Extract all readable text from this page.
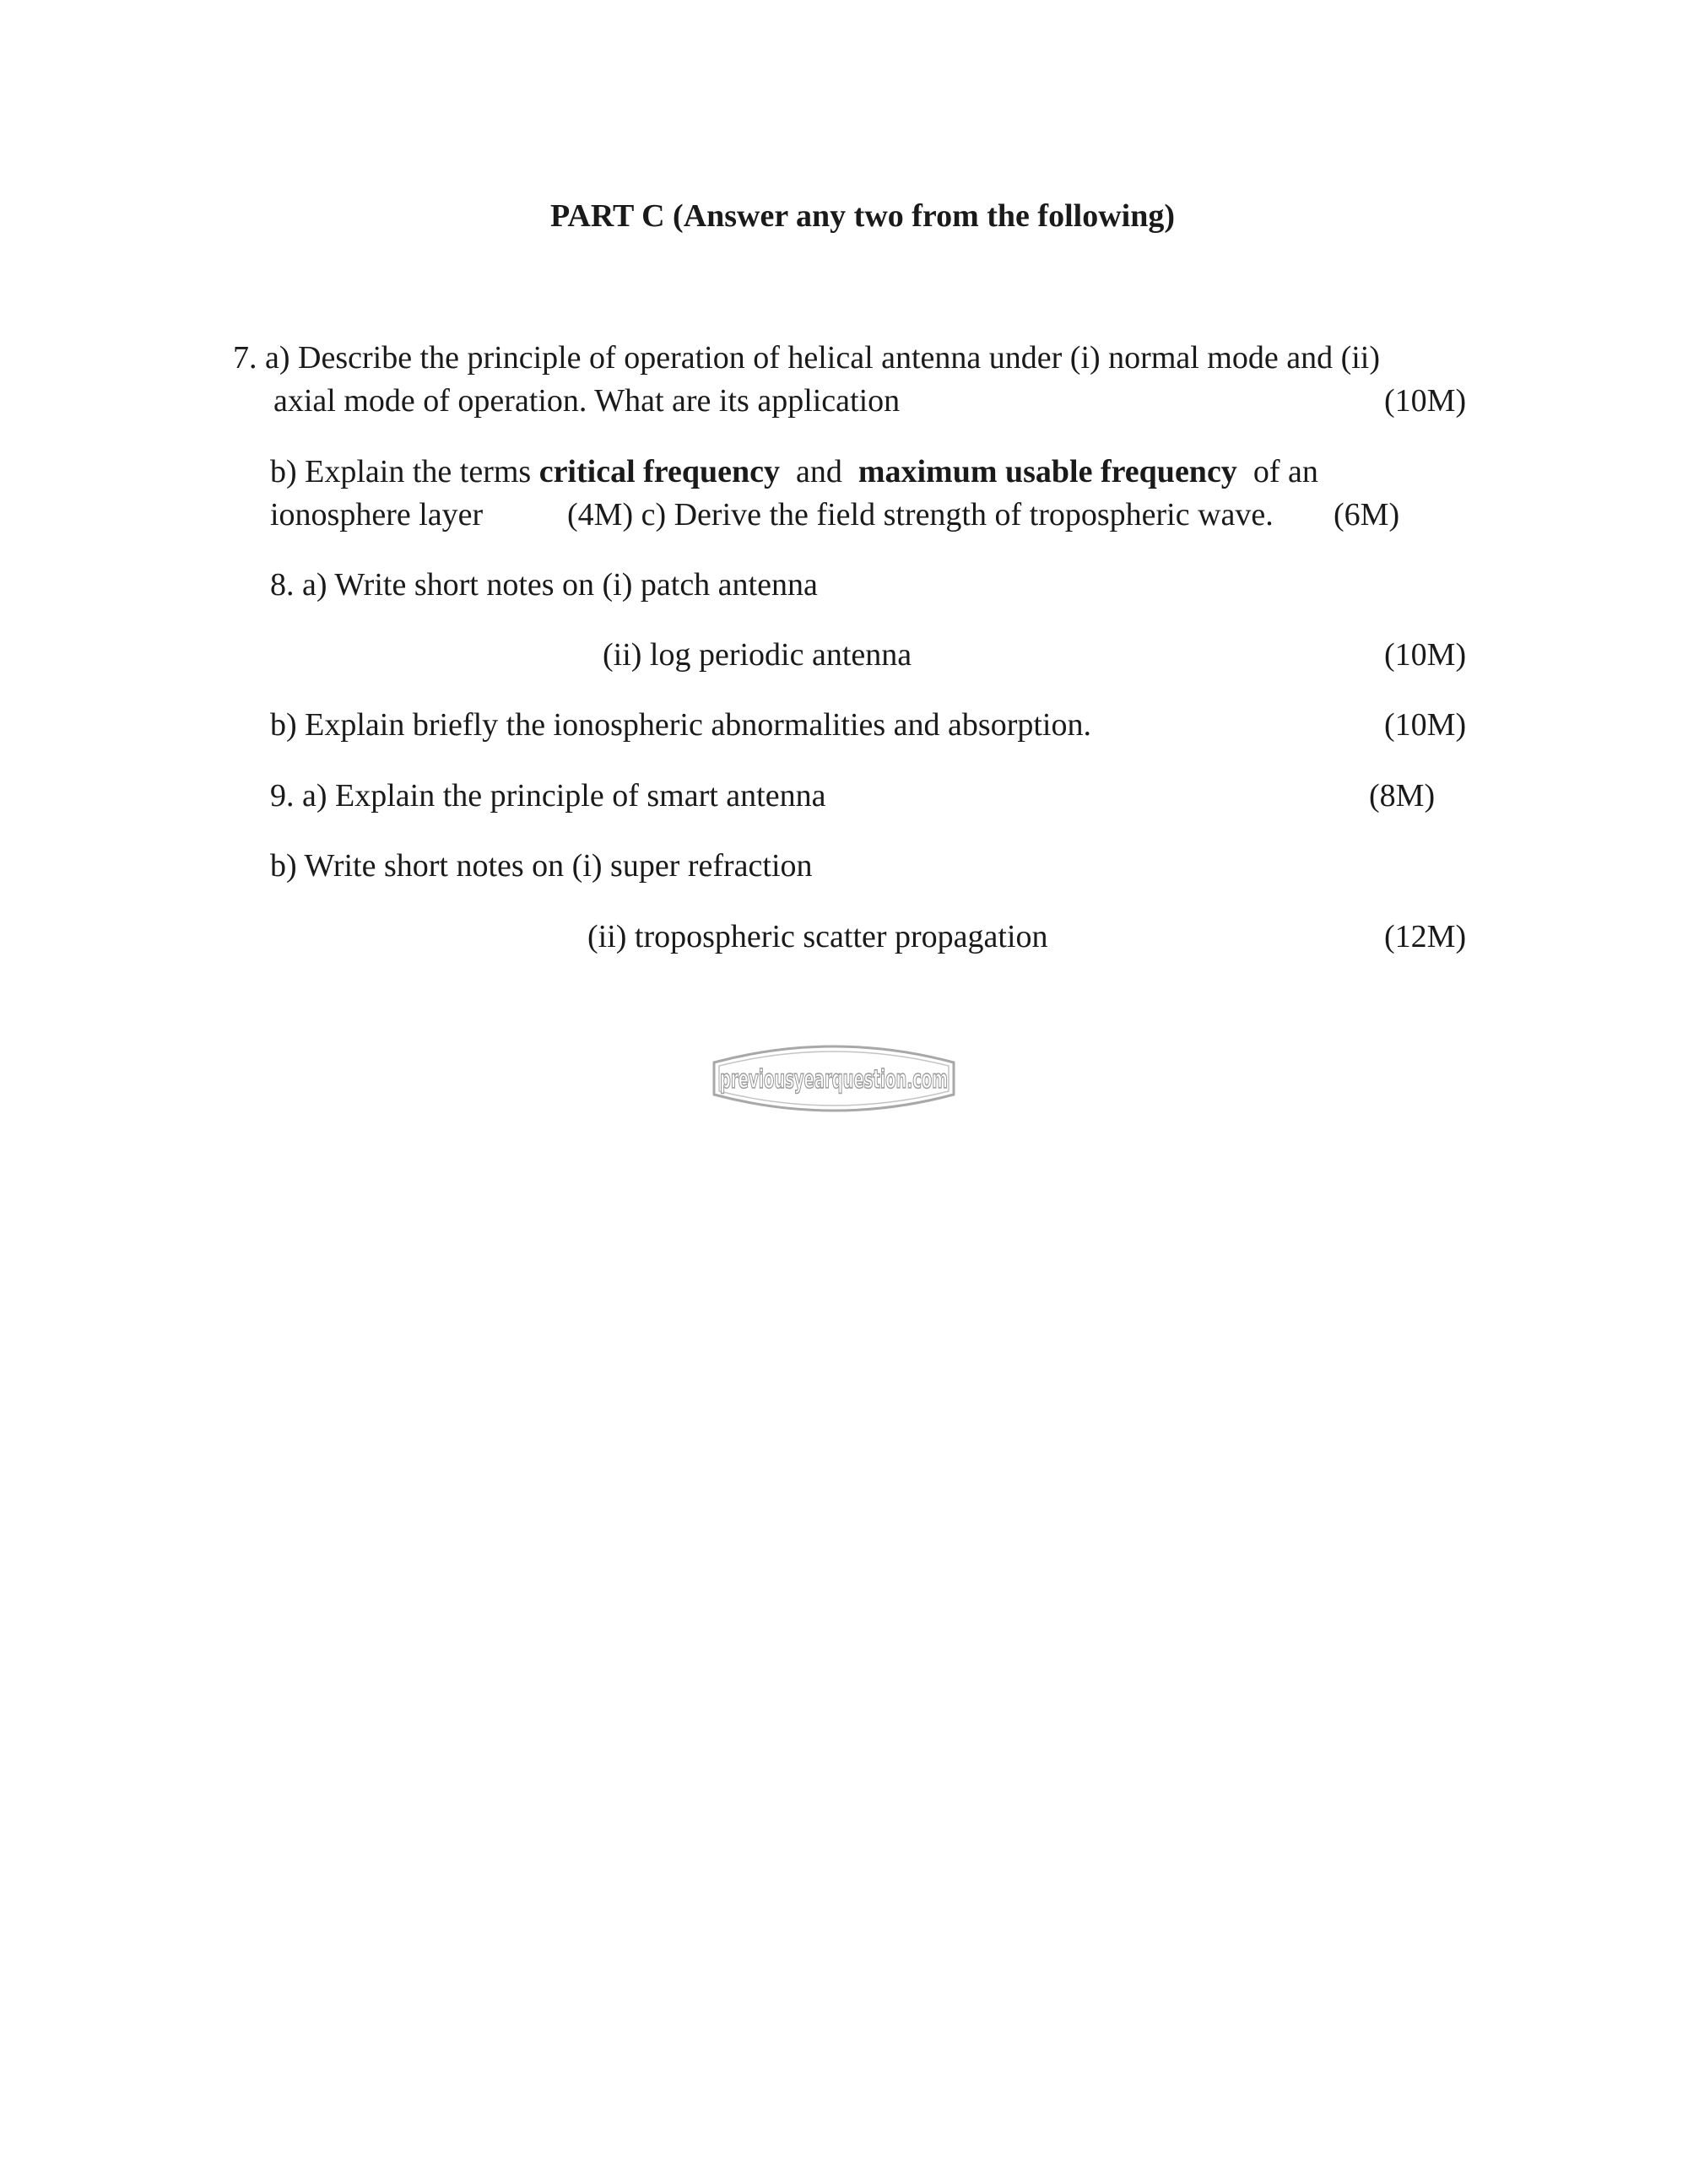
PART C (Answer any two from the following)
7. a) Describe the principle of operation of helical antenna under (i) normal mode and (ii)
axial mode of operation. What are its application	(10M)
b) Explain the terms critical frequency  and  maximum usable frequency  of an
ionosphere layer	(4M) c) Derive the field strength of tropospheric wave. (6M)
8. a) Write short notes on (i) patch antenna
(ii) log periodic antenna	(10M)
b) Explain briefly the ionospheric abnormalities and absorption.	(10M)
9. a) Explain the principle of smart antenna	(8M)
b) Write short notes on (i) super refraction
(ii) tropospheric scatter propagation	(12M)
previousyearquestion.com
